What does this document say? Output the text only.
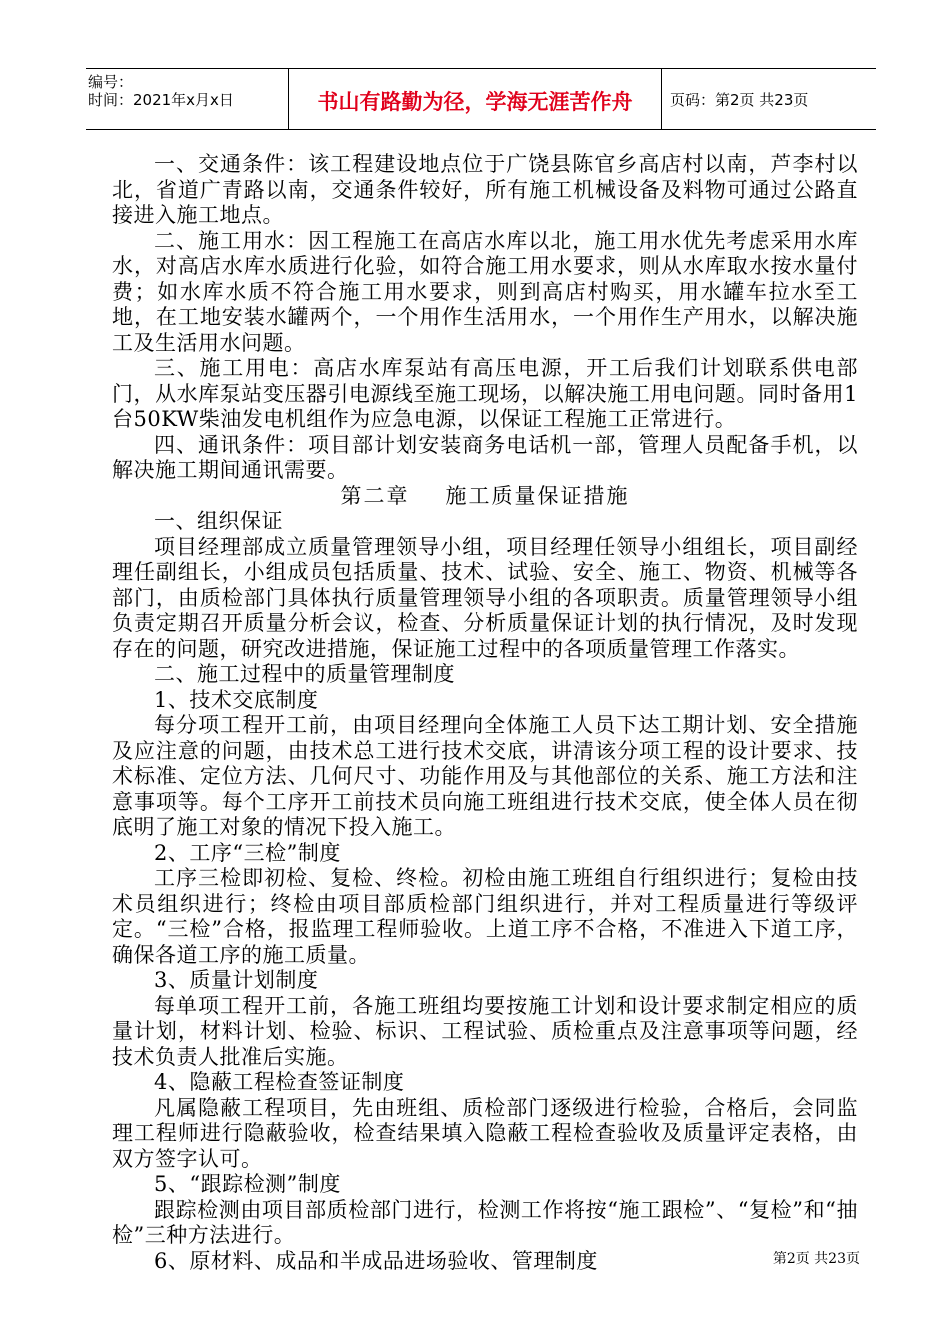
编号：
时间：2021年x月x日	书山有路勤为径，学海无涯苦作舟	页码：第2页 共23页

一、交通条件：该工程建设地点位于广饶县陈官乡高店村以南，芦李村以北，省道广青路以南，交通条件较好，所有施工机械设备及料物可通过公路直接进入施工地点。

二、施工用水：因工程施工在高店水库以北，施工用水优先考虑采用水库水，对高店水库水质进行化验，如符合施工用水要求，则从水库取水按水量付费；如水库水质不符合施工用水要求，则到高店村购买，用水罐车拉水至工地，在工地安装水罐两个，一个用作生活用水，一个用作生产用水，以解决施工及生活用水问题。

三、施工用电：高店水库泵站有高压电源，开工后我们计划联系供电部门，从水库泵站变压器引电源线至施工现场，以解决施工用电问题。同时备用1台50KW柴油发电机组作为应急电源，以保证工程施工正常进行。

四、通讯条件：项目部计划安装商务电话机一部，管理人员配备手机，以解决施工期间通讯需要。

第二章 施工质量保证措施

一、组织保证

项目经理部成立质量管理领导小组，项目经理任领导小组组长，项目副经理任副组长，小组成员包括质量、技术、试验、安全、施工、物资、机械等各部门，由质检部门具体执行质量管理领导小组的各项职责。质量管理领导小组负责定期召开质量分析会议，检查、分析质量保证计划的执行情况，及时发现存在的问题，研究改进措施，保证施工过程中的各项质量管理工作落实。

二、施工过程中的质量管理制度

1、技术交底制度

每分项工程开工前，由项目经理向全体施工人员下达工期计划、安全措施及应注意的问题，由技术总工进行技术交底，讲清该分项工程的设计要求、技术标准、定位方法、几何尺寸、功能作用及与其他部位的关系、施工方法和注意事项等。每个工序开工前技术员向施工班组进行技术交底，使全体人员在彻底明了施工对象的情况下投入施工。

2、工序“三检”制度

工序三检即初检、复检、终检。初检由施工班组自行组织进行；复检由技术员组织进行；终检由项目部质检部门组织进行，并对工程质量进行等级评定。“三检”合格，报监理工程师验收。上道工序不合格，不准进入下道工序，确保各道工序的施工质量。

3、质量计划制度

每单项工程开工前，各施工班组均要按施工计划和设计要求制定相应的质量计划，材料计划、检验、标识、工程试验、质检重点及注意事项等问题，经技术负责人批准后实施。

4、隐蔽工程检查签证制度

凡属隐蔽工程项目，先由班组、质检部门逐级进行检验，合格后，会同监理工程师进行隐蔽验收，检查结果填入隐蔽工程检查验收及质量评定表格，由双方签字认可。

5、“跟踪检测”制度

跟踪检测由项目部质检部门进行，检测工作将按“施工跟检”、“复检”和“抽检”三种方法进行。

6、原材料、成品和半成品进场验收、管理制度	第2页 共23页
